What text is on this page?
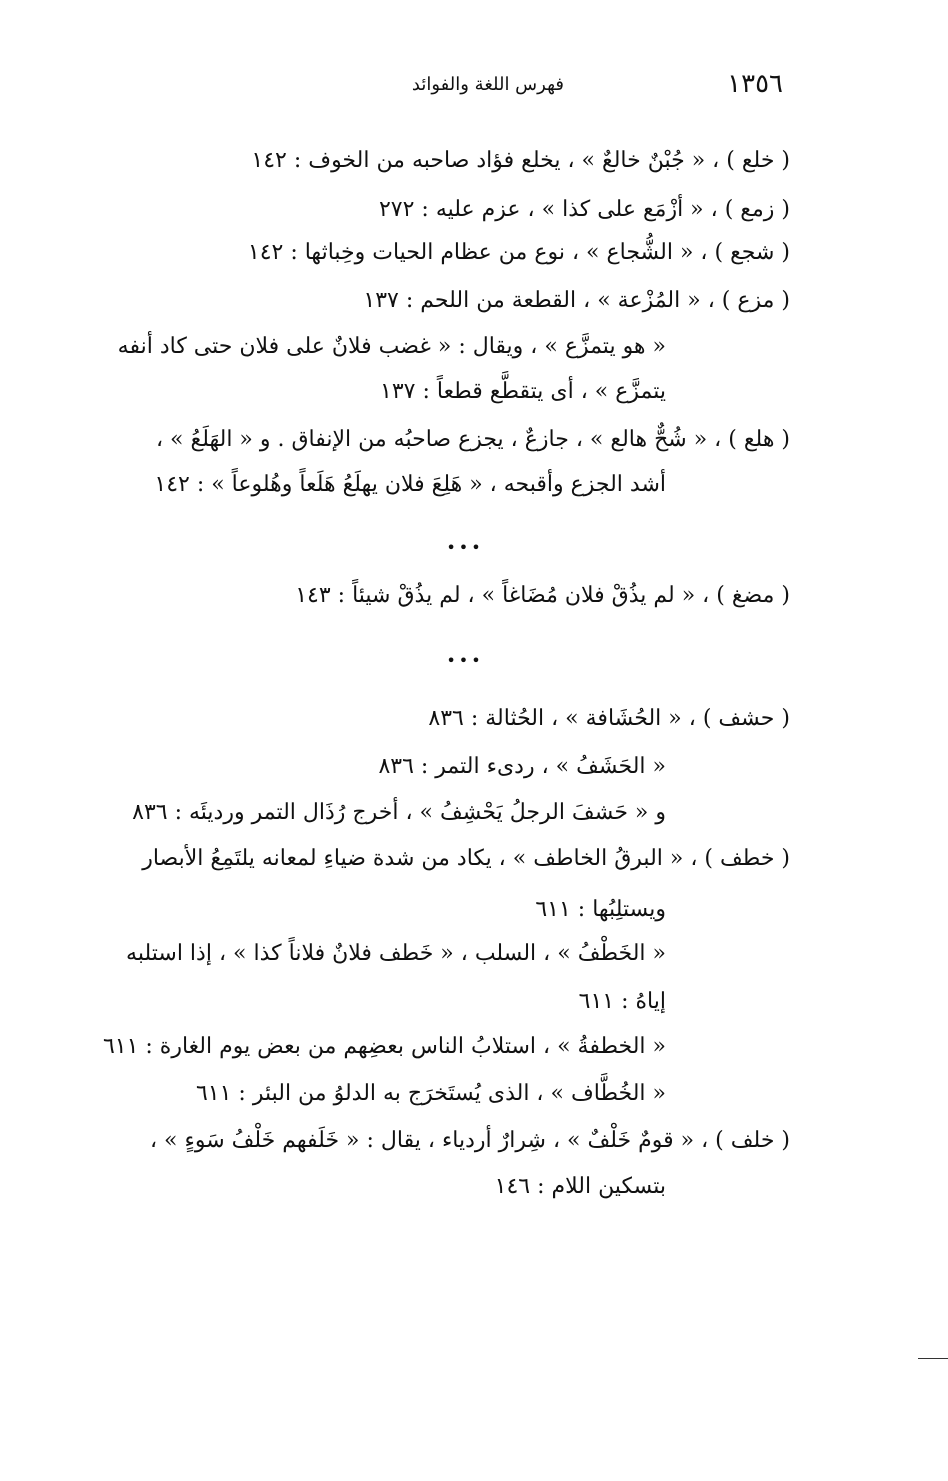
١٣٥٦
فهرس اللغة والفوائد
( خلع ) ، « جُبْنٌ خالعٌ » ، يخلع فؤاد صاحبه من الخوف : ١٤٢
( زمع ) ، « أزْمَع على كذا » ، عزم عليه : ٢٧٢
( شجع ) ، « الشُّجاع » ، نوع من عظام الحيات وخِباثها : ١٤٢
( مزع ) ، « المُزْعة » ، القطعة من اللحم : ١٣٧
« هو يتمزَّع » ، ويقال : « غضب فلانٌ على فلان حتى كاد أنفه
يتمزَّع » ، أى يتقطَّع قطعاً : ١٣٧
( هلع ) ، « شُحٌّ هالع » ، جازعٌ ، يجزع صاحبُه من الإنفاق . و « الهَلَعُ » ،
أشد الجزع وأقبحه ، « هَلِعَ فلان يهلَعُ هَلَعاً وهُلوعاً » : ١٤٢
•••
( مضغ ) ، « لم يذُقْ فلان مُضَاغاً » ، لم يذُقْ شيئاً : ١٤٣
•••
( حشف ) ، « الحُشَافة » ، الحُثالة : ٨٣٦
« الحَشَفُ » ، ردىء التمر : ٨٣٦
و « حَشفَ الرجلُ يَحْشِفُ » ، أخرج رُذَال التمر ورديئَه : ٨٣٦
( خطف ) ، « البرقُ الخاطف » ، يكاد من شدة ضياءِ لمعانه يلتَمِعُ الأبصار
ويستلِبُها : ٦١١
« الخَطْفُ » ، السلب ، « خَطف فلانٌ فلاناً كذا » ، إذا استلبه
إياهُ : ٦١١
« الخطفةُ » ، استلابُ الناس بعضِهم من بعض يوم الغارة : ٦١١
« الخُطَّاف » ، الذى يُستَخرَج به الدلوُ من البئر : ٦١١
( خلف ) ، « قومٌ خَلْفٌ » ، شِرارٌ أردياء ، يقال : « خَلَفهم خَلْفُ سَوءٍ » ،
بتسكين اللام : ١٤٦
